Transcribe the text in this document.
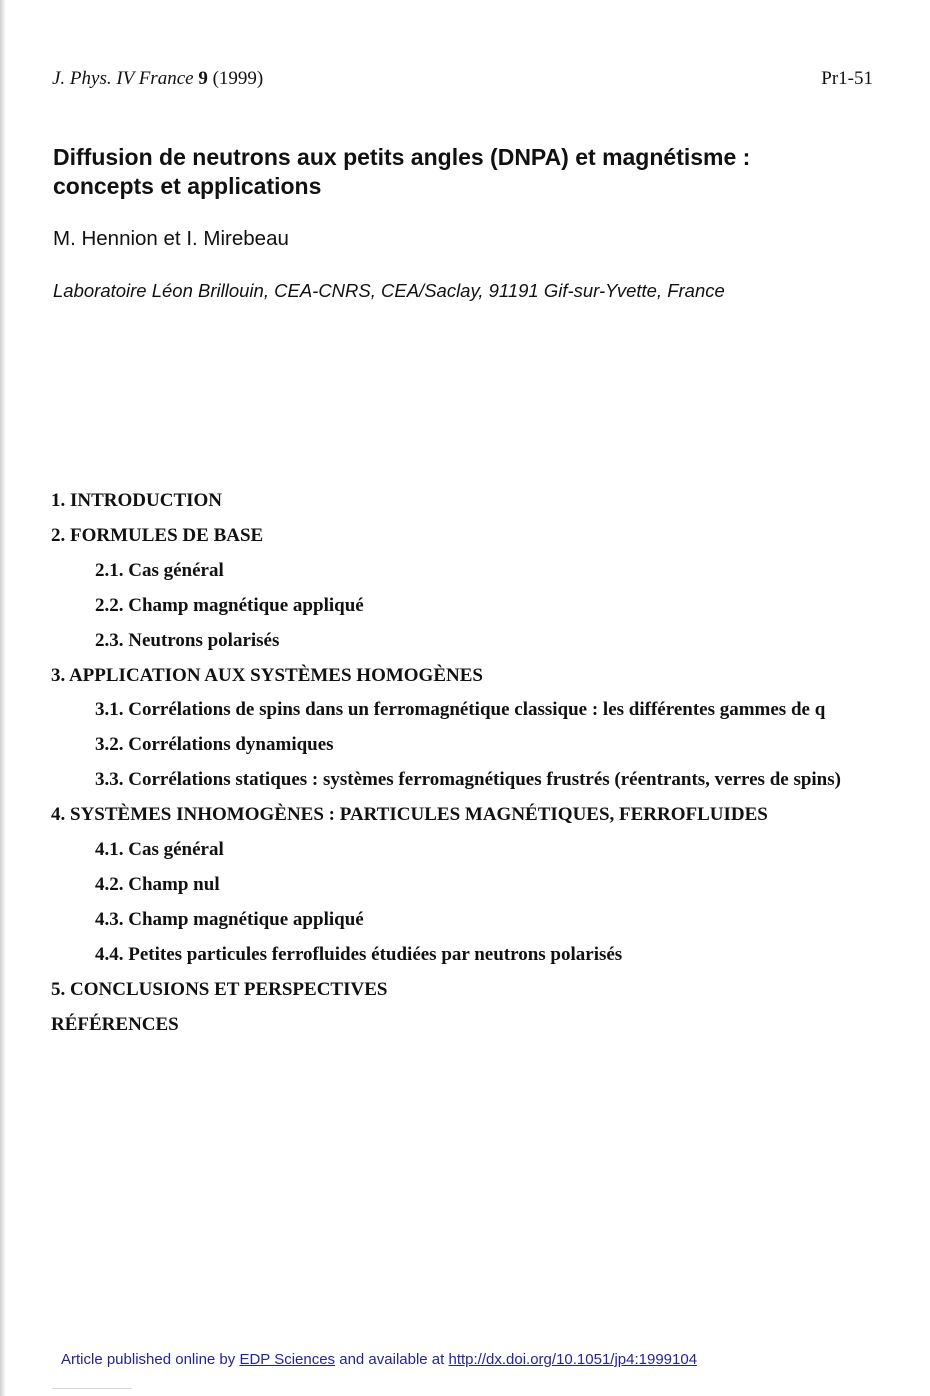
J. Phys. IV France 9 (1999)	Pr1-51
Diffusion de neutrons aux petits angles (DNPA) et magnétisme :
concepts et applications
M. Hennion et I. Mirebeau
Laboratoire Léon Brillouin, CEA-CNRS, CEA/Saclay, 91191 Gif-sur-Yvette, France
1. INTRODUCTION
2. FORMULES DE BASE
2.1. Cas général
2.2. Champ magnétique appliqué
2.3. Neutrons polarisés
3. APPLICATION AUX SYSTÈMES HOMOGÈNES
3.1. Corrélations de spins dans un ferromagnétique classique : les différentes gammes de q
3.2. Corrélations dynamiques
3.3. Corrélations statiques : systèmes ferromagnétiques frustrés (réentrants, verres de spins)
4. SYSTÈMES INHOMOGÈNES : PARTICULES MAGNÉTIQUES, FERROFLUIDES
4.1. Cas général
4.2. Champ nul
4.3. Champ magnétique appliqué
4.4. Petites particules ferrofluides étudiées par neutrons polarisés
5. CONCLUSIONS ET PERSPECTIVES
RÉFÉRENCES
Article published online by EDP Sciences and available at http://dx.doi.org/10.1051/jp4:1999104
